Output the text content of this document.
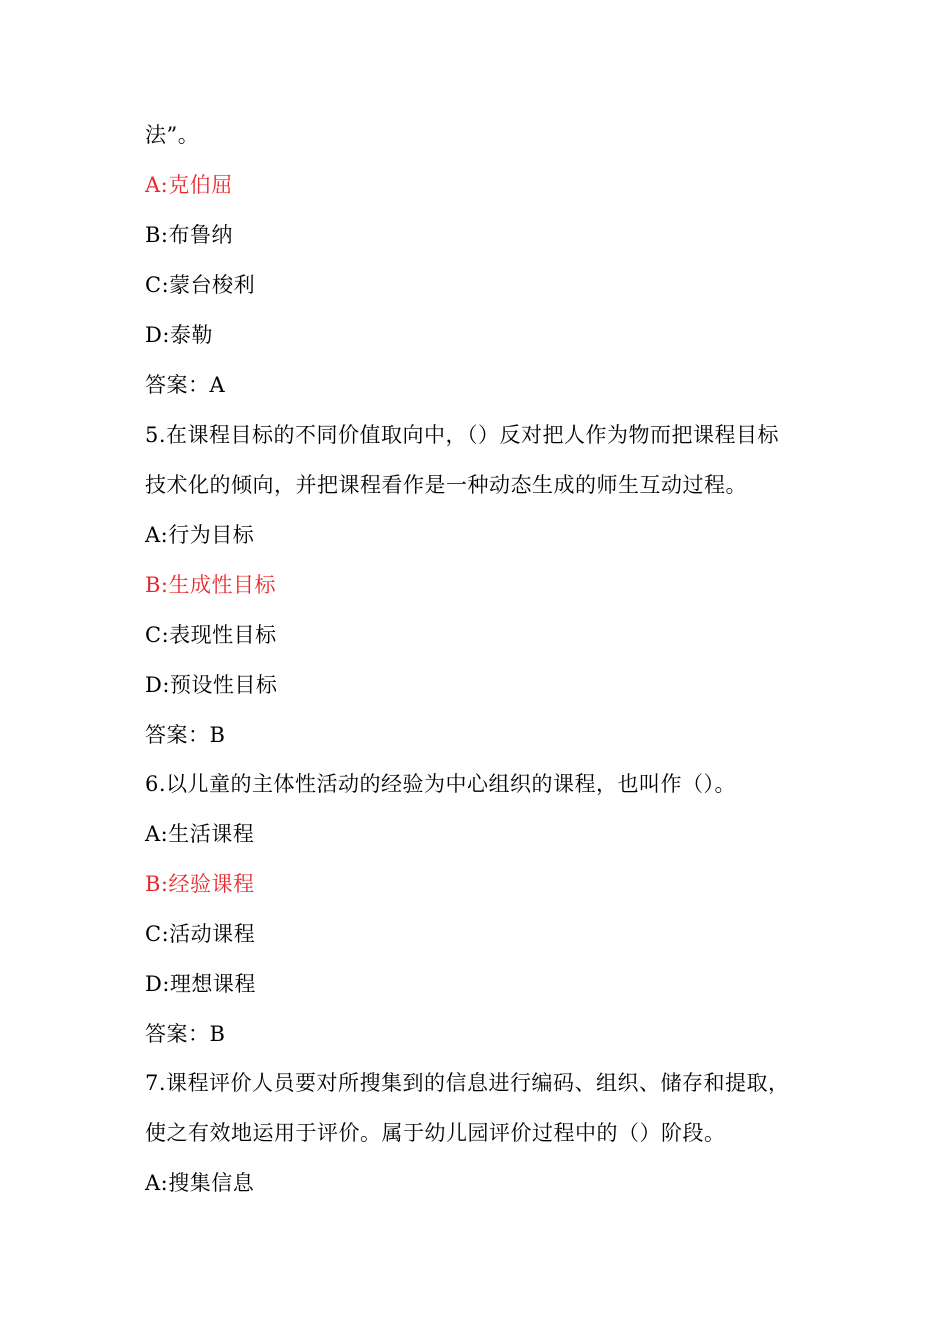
法”。
A:克伯屈
B:布鲁纳
C:蒙台梭利
D:泰勒
答案：A
5.在课程目标的不同价值取向中，（）反对把人作为物而把课程目标
技术化的倾向，并把课程看作是一种动态生成的师生互动过程。
A:行为目标
B:生成性目标
C:表现性目标
D:预设性目标
答案：B
6.以儿童的主体性活动的经验为中心组织的课程，也叫作（）。
A:生活课程
B:经验课程
C:活动课程
D:理想课程
答案：B
7.课程评价人员要对所搜集到的信息进行编码、组织、储存和提取，
使之有效地运用于评价。属于幼儿园评价过程中的（）阶段。
A:搜集信息
